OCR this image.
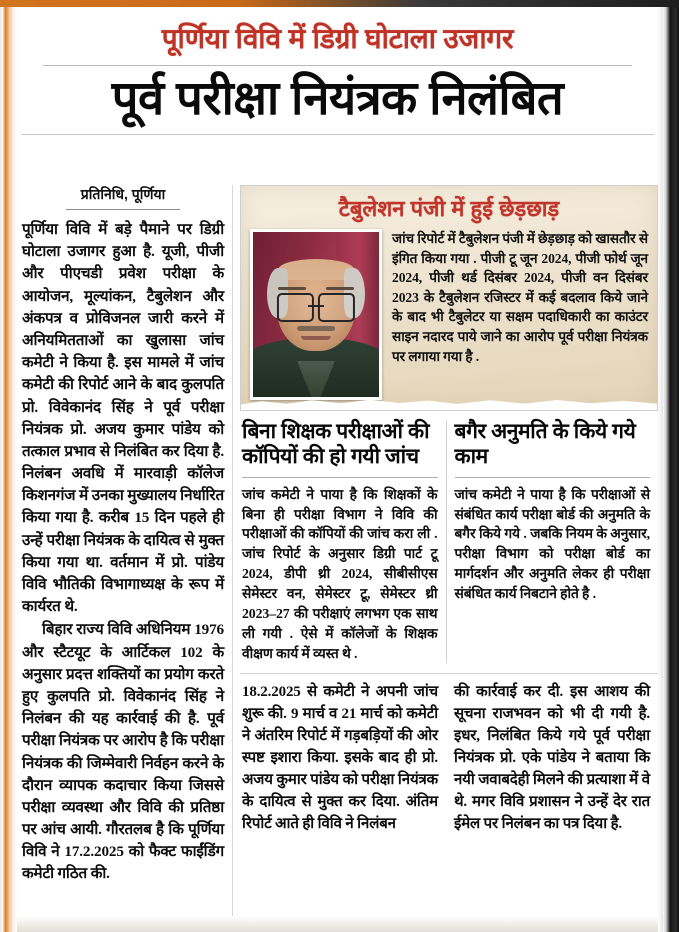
पूर्णिया विवि में डिग्री घोटाला उजागर
पूर्व परीक्षा नियंत्रक निलंबित
प्रतिनिधि, पूर्णिया

पूर्णिया विवि में बड़े पैमाने पर डिग्री घोटाला उजागर हुआ है. यूजी, पीजी और पीएचडी प्रवेश परीक्षा के आयोजन, मूल्यांकन, टैबुलेशन और अंकपत्र व प्रोविजनल जारी करने में अनियमितताओं का खुलासा जांच कमेटी ने किया है. इस मामले में जांच कमेटी की रिपोर्ट आने के बाद कुलपति प्रो. विवेकानंद सिंह ने पूर्व परीक्षा नियंत्रक प्रो. अजय कुमार पांडेय को तत्काल प्रभाव से निलंबित कर दिया है. निलंबन अवधि में मारवाड़ी कॉलेज किशनगंज में उनका मुख्यालय निर्धारित किया गया है. करीब 15 दिन पहले ही उन्हें परीक्षा नियंत्रक के दायित्व से मुक्त किया गया था. वर्तमान में प्रो. पांडेय विवि भौतिकी विभागाध्यक्ष के रूप में कार्यरत थे.

बिहार राज्य विवि अधिनियम 1976 और स्टैटयूट के आर्टिकल 102 के अनुसार प्रदत्त शक्तियों का प्रयोग करते हुए कुलपति प्रो. विवेकानंद सिंह ने निलंबन की यह कार्रवाई की है. पूर्व परीक्षा नियंत्रक पर आरोप है कि परीक्षा नियंत्रक की जिम्मेवारी निर्वहन करने के दौरान व्यापक कदाचार किया जिससे परीक्षा व्यवस्था और विवि की प्रतिष्ठा पर आंच आयी. गौरतलब है कि पूर्णिया विवि ने 17.2.2025 को फैक्ट फाईंडिंग कमेटी गठित की.

टैबुलेशन पंजी में हुई छेड़छाड़
जांच रिपोर्ट में टैबुलेशन पंजी में छेड़छाड़ को खासतौर से इंगित किया गया . पीजी टू जून 2024, पीजी फोर्थ जून 2024, पीजी थर्ड दिसंबर 2024, पीजी वन दिसंबर 2023 के टैबुलेशन रजिस्टर में कई बदलाव किये जाने के बाद भी टैबुलेटर या सक्षम पदाधिकारी का काउंटर साइन नदारद पाये जाने का आरोप पूर्व परीक्षा नियंत्रक पर लगाया गया है .
बिना शिक्षक परीक्षाओं की कॉपियों की हो गयी जांच

जांच कमेटी ने पाया है कि शिक्षकों के बिना ही परीक्षा विभाग ने विवि की परीक्षाओं की कॉपियों की जांच करा ली . जांच रिपोर्ट के अनुसार डिग्री पार्ट टू 2024, डीपी थ्री 2024, सीबीसीएस सेमेस्टर वन, सेमेस्टर टू, सेमेस्टर थ्री 2023–27 की परीक्षाएं लगभग एक साथ ली गयी . ऐसे में कॉलेजों के शिक्षक वीक्षण कार्य में व्यस्त थे .

बगैर अनुमति के किये गये काम

जांच कमेटी ने पाया है कि परीक्षाओं से संबंधित कार्य परीक्षा बोर्ड की अनुमति के बगैर किये गये . जबकि नियम के अनुसार, परीक्षा विभाग को परीक्षा बोर्ड का मार्गदर्शन और अनुमति लेकर ही परीक्षा संबंधित कार्य निबटाने होते है .

18.2.2025 से कमेटी ने अपनी जांच शुरू की. 9 मार्च व 21 मार्च को कमेटी ने अंतरिम रिपोर्ट में गड़बड़ियों की ओर स्पष्ट इशारा किया. इसके बाद ही प्रो. अजय कुमार पांडेय को परीक्षा नियंत्रक के दायित्व से मुक्त कर दिया. अंतिम रिपोर्ट आते ही विवि ने निलंबन

की कार्रवाई कर दी. इस आशय की सूचना राजभवन को भी दी गयी है. इधर, निलंबित किये गये पूर्व परीक्षा नियंत्रक प्रो. एके पांडेय ने बताया कि नयी जवाबदेही मिलने की प्रत्याशा में वे थे. मगर विवि प्रशासन ने उन्हें देर रात ईमेल पर निलंबन का पत्र दिया है.
